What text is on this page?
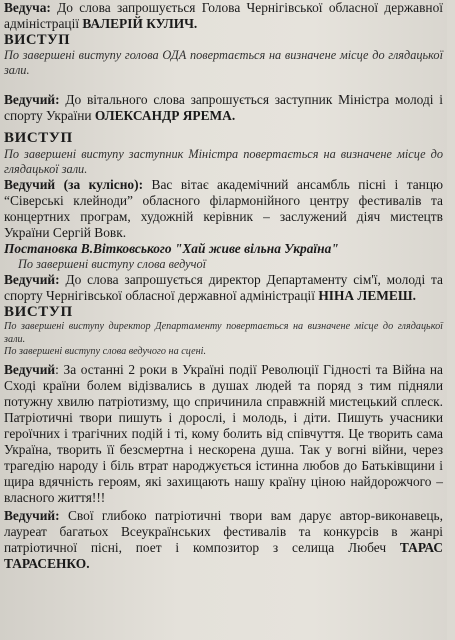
Ведуча: До слова запрошується Голова Чернігівської обласної державної адміністрації ВАЛЕРІЙ КУЛИЧ.

ВИСТУП

По завершені виступу голова ОДА повертається на визначене місце до глядацької зали.

Ведучий: До вітального слова запрошується заступник Міністра молоді і спорту України ОЛЕКСАНДР ЯРЕМА.

ВИСТУП

По завершені виступу заступник Міністра повертається на визначене місце до глядацької зали.

Ведучий (за кулісно): Вас вітає академічний ансамбль пісні і танцю “Сіверські клейноди” обласного філармонійного центру фестивалів та концертних програм, художній керівник – заслужений діяч мистецтв України Сергій Вовк.

Постановка В.Вітковського "Хай живе вільна Україна"

По завершені виступу слова ведучої

Ведучий: До слова запрошується директор Департаменту сім'ї, молоді та спорту Чернігівської обласної державної адміністрації НІНА ЛЕМЕШ.

ВИСТУП

По завершені виступу директор Департаменту повертається на визначене місце до глядацької зали.

По завершені виступу слова ведучого на сцені.

Ведучий: За останні 2 роки в Україні події Революції Гідності та Війна на Сході країни болем відізвались в душах людей та поряд з тим підняли потужну хвилю патріотизму, що спричинила справжній мистецький сплеск. Патріотичні твори пишуть і дорослі, і молодь, і діти. Пишуть учасники героїчних і трагічних подій і ті, кому болить від співчуття. Це творить сама Україна, творить її безсмертна і нескорена душа. Так у вогні війни, через трагедію народу і біль втрат народжується істинна любов до Батьківщини і щира вдячність героям, які захищають нашу країну ціною найдорожчого – власного життя!!!

Ведучий: Свої глибоко патріотичні твори вам дарує автор-виконавець, лауреат багатьох Всеукраїнських фестивалів та конкурсів в жанрі патріотичної пісні, поет і композитор з селища Любеч ТАРАС ТАРАСЕНКО.
